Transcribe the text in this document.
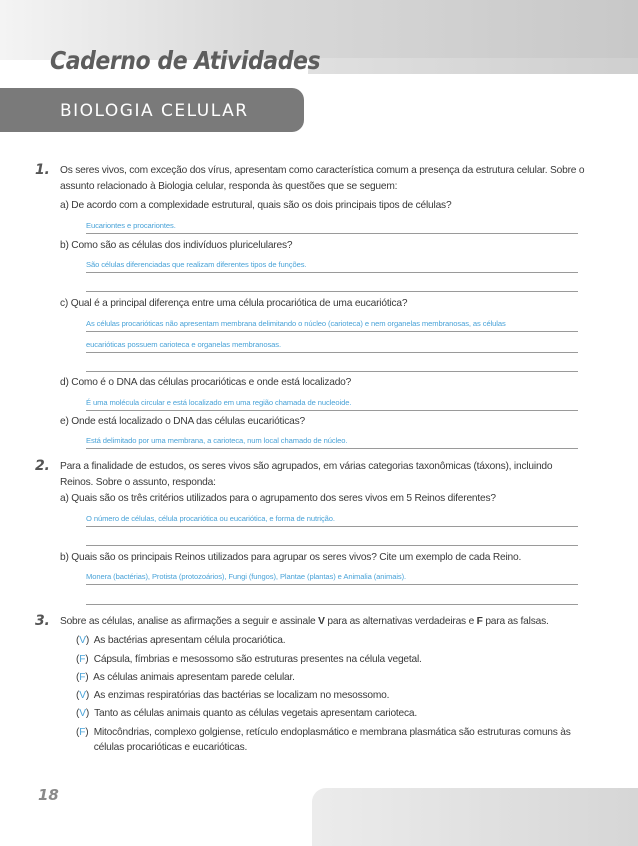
Caderno de Atividades
BIOLOGIA CELULAR
1.	Os seres vivos, com exceção dos vírus, apresentam como característica comum a presença da estrutura celular. Sobre o assunto relacionado à Biologia celular, responda às questões que se seguem:
a) De acordo com a complexidade estrutural, quais são os dois principais tipos de células?
Eucariontes e procariontes.
b) Como são as células dos indivíduos pluricelulares?
São células diferenciadas que realizam diferentes tipos de funções.
c) Qual é a principal diferença entre uma célula procariótica de uma eucariótica?
As células procarióticas não apresentam membrana delimitando o núcleo (carioteca) e nem organelas membranosas, as células
eucarióticas possuem carioteca e organelas membranosas.
d) Como é o DNA das células procarióticas e onde está localizado?
É uma molécula circular e está localizado em uma região chamada de nucleoide.
e) Onde está localizado o DNA das células eucarióticas?
Está delimitado por uma membrana, a carioteca, num local chamado de núcleo.
2.	Para a finalidade de estudos, os seres vivos são agrupados, em várias categorias taxonômicas (táxons), incluindo Reinos. Sobre o assunto, responda:
a) Quais são os três critérios utilizados para o agrupamento dos seres vivos em 5 Reinos diferentes?
O número de células, célula procariótica ou eucariótica, e forma de nutrição.
b) Quais são os principais Reinos utilizados para agrupar os seres vivos? Cite um exemplo de cada Reino.
Monera (bactérias), Protista (protozoários), Fungi (fungos), Plantae (plantas) e Animalia (animais).
3.	Sobre as células, analise as afirmações a seguir e assinale V para as alternativas verdadeiras e F para as falsas.
(V)  As bactérias apresentam célula procariótica.
(F)  Cápsula, fímbrias e mesossomo são estruturas presentes na célula vegetal.
(F)  As células animais apresentam parede celular.
(V)  As enzimas respiratórias das bactérias se localizam no mesossomo.
(V)  Tanto as células animais quanto as células vegetais apresentam carioteca.
(F)  Mitocôndrias, complexo golgiense, retículo endoplasmático e membrana plasmática são estruturas comuns às células procarióticas e eucarióticas.
18
